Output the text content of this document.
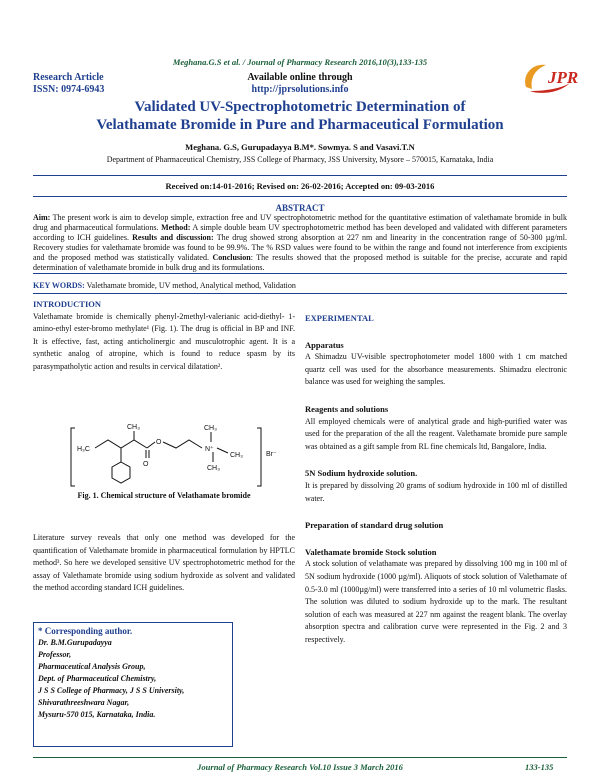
Meghana.G.S et al. / Journal of Pharmacy Research 2016,10(3),133-135
Research Article
ISSN: 0974-6943
Available online through
http://jprsolutions.info
JPR
Validated UV-Spectrophotometric Determination of
Velathamate Bromide in Pure and Pharmaceutical Formulation
Meghana. G.S, Gurupadayya B.M*. Sowmya. S and Vasavi.T.N
Department of Pharmaceutical Chemistry, JSS College of Pharmacy, JSS University, Mysore – 570015, Karnataka, India
Received on:14-01-2016; Revised on: 26-02-2016; Accepted on: 09-03-2016
ABSTRACT
Aim: The present work is aim to develop simple, extraction free and UV spectrophotometric method for the quantitative estimation of valethamate bromide in bulk drug and pharmaceutical formulations. Method: A simple double beam UV spectrophotometric method has been developed and validated with different parameters according to ICH guidelines. Results and discussion: The drug showed strong absorption at 227 nm and linearity in the concentration range of 50-300 µg/ml. Recovery studies for valethamate bromide was found to be 99.9%. The % RSD values were found to be within the range and found not interference from excipients and the proposed method was statistically validated. Conclusion: The results showed that the proposed method is suitable for the precise, accurate and rapid determination of valethamate bromide in bulk drug and its formulations.
KEY WORDS: Valethamate bromide, UV method, Analytical method, Validation
INTRODUCTION
Valethamate bromide is chemically phenyl-2methyl-valerianic acid-diethyl- 1- amino-ethyl ester-bromo methylate¹ (Fig. 1). The drug is official in BP and INF. It is effective, fast, acting anticholinergic and musculotrophic agent. It is a synthetic analog of atropine, which is found to reduce spasm by its parasympatholytic action and results in cervical dilatation².
H₃C
CH₃
O
O
CH₃
N⁺
CH₃
CH₃
Br⁻
Fig. 1. Chemical structure of Velathamate bromide
Literature survey reveals that only one method was developed for the quantification of Valethamate bromide in pharmaceutical formulation by HPTLC method³. So here we developed sensitive UV spectrophotometric method for the assay of Valethamate bromide using sodium hydroxide as solvent and validated the method according standard ICH guidelines.
* Corresponding author.
Dr. B.M.Gurupadayya
Professor,
Pharmaceutical Analysis Group,
Dept. of Pharmaceutical Chemistry,
J S S College of Pharmacy, J S S University,
Shivarathreeshwara Nagar,
Mysuru-570 015, Karnataka, India.
EXPERIMENTAL
Apparatus
A Shimadzu UV-visible spectrophotometer model 1800 with 1 cm matched quartz cell was used for the absorbance measurements. Shimadzu electronic balance was used for weighing the samples.
Reagents and solutions
All employed chemicals were of analytical grade and high-purified water was used for the preparation of the all the reagent. Valethamate bromide pure sample was obtained as a gift sample from RL fine chemicals ltd, Bangalore, India.
5N Sodium hydroxide solution.
It is prepared by dissolving 20 grams of sodium hydroxide in 100 ml of distilled water.
Preparation of standard drug solution
Valethamate bromide Stock solution
A stock solution of velathamate was prepared by dissolving 100 mg in 100 ml of 5N sodium hydroxide (1000 µg/ml). Aliquots of stock solution of Valethamate of 0.5-3.0 ml (1000µg/ml) were transferred into a series of 10 ml volumetric flasks. The solution was diluted to sodium hydroxide up to the mark. The resultant solution of each was measured at 227 nm against the reagent blank. The overlay absorption spectra and calibration curve were represented in the Fig. 2 and 3 respectively.
Journal of Pharmacy Research Vol.10 Issue 3 March 2016	133-135
